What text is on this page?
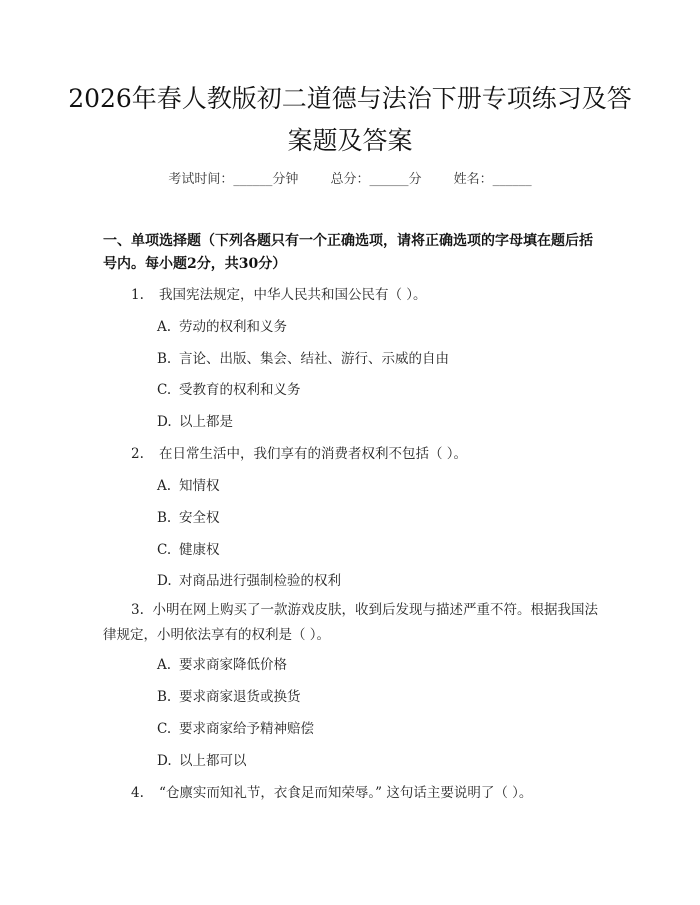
2026年春人教版初二道德与法治下册专项练习及答案题及答案
考试时间：______分钟 总分：______分 姓名：______
一、单项选择题（下列各题只有一个正确选项，请将正确选项的字母填在题后括号内。每小题2分，共30分）
1. 我国宪法规定，中华人民共和国公民有（ ）。
A. 劳动的权利和义务
B. 言论、出版、集会、结社、游行、示威的自由
C. 受教育的权利和义务
D. 以上都是
2. 在日常生活中，我们享有的消费者权利不包括（ ）。
A. 知情权
B. 安全权
C. 健康权
D. 对商品进行强制检验的权利
3. 小明在网上购买了一款游戏皮肤，收到后发现与描述严重不符。根据我国法律规定，小明依法享有的权利是（ ）。
A. 要求商家降低价格
B. 要求商家退货或换货
C. 要求商家给予精神赔偿
D. 以上都可以
4. “仓廪实而知礼节，衣食足而知荣辱。” 这句话主要说明了（ ）。
